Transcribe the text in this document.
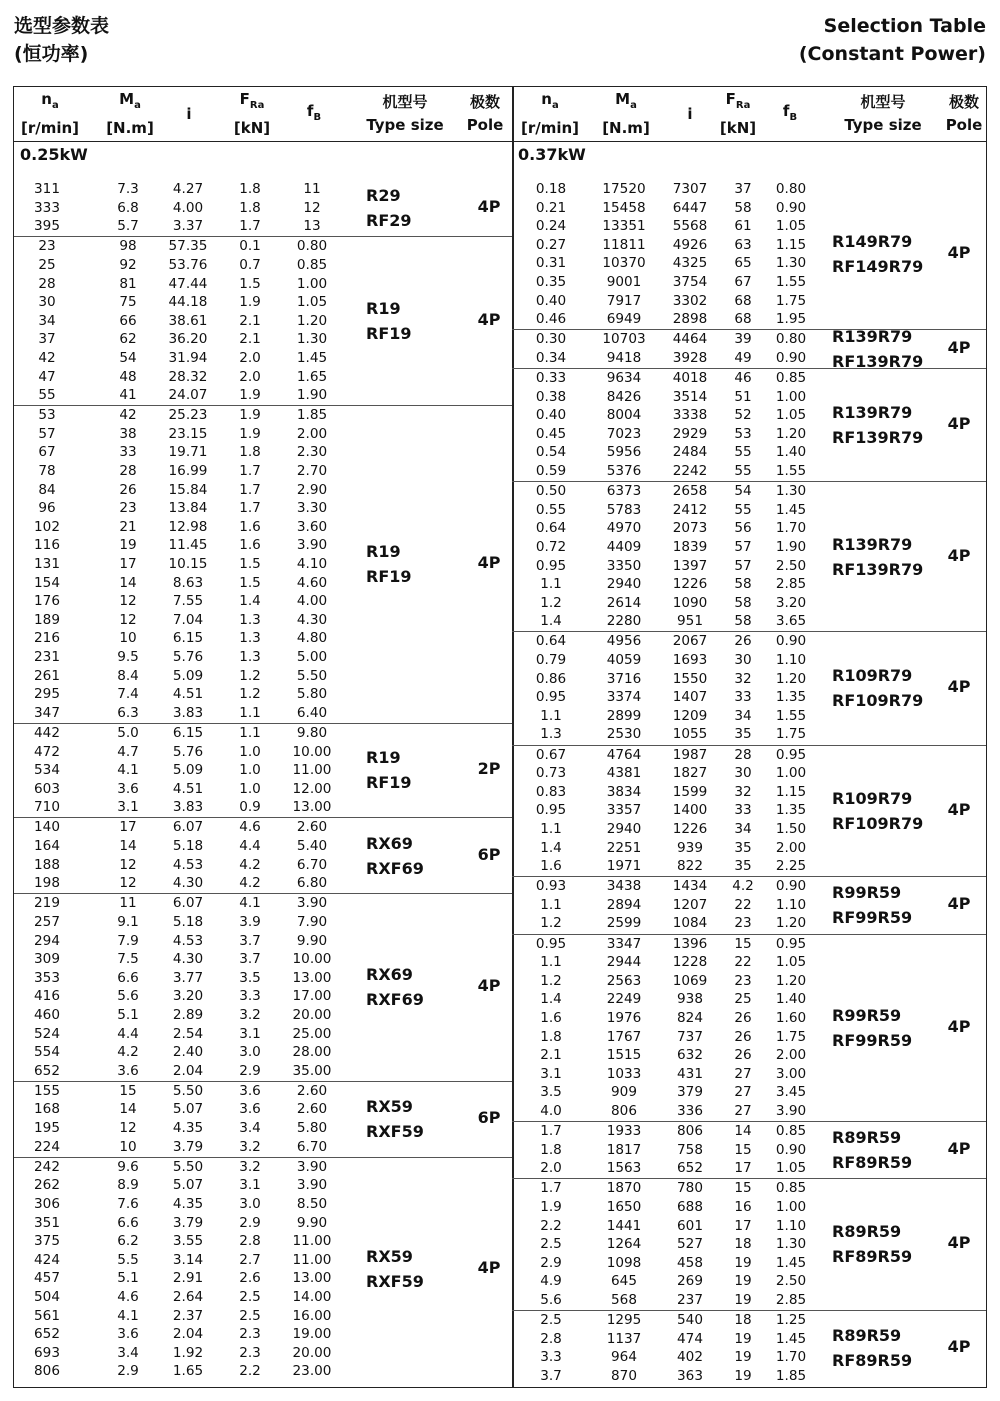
选型参数表
(恒功率)
Selection Table
(Constant Power)
$n_a$
[r/min]
$M_a$
[N.m]
i
$F_{Ra}$
[kN]
$f_B$
机型号
Type size
极数
Pole
0.25kW
311	7.3	4.27	1.8	11
333	6.8	4.00	1.8	12
395	5.7	3.37	1.7	13
R29
RF29
4P
23	98	57.35	0.1	0.80
25	92	53.76	0.7	0.85
28	81	47.44	1.5	1.00
30	75	44.18	1.9	1.05
34	66	38.61	2.1	1.20
37	62	36.20	2.1	1.30
42	54	31.94	2.0	1.45
47	48	28.32	2.0	1.65
55	41	24.07	1.9	1.90
R19
RF19
4P
53	42	25.23	1.9	1.85
57	38	23.15	1.9	2.00
67	33	19.71	1.8	2.30
78	28	16.99	1.7	2.70
84	26	15.84	1.7	2.90
96	23	13.84	1.7	3.30
102	21	12.98	1.6	3.60
116	19	11.45	1.6	3.90
131	17	10.15	1.5	4.10
154	14	8.63	1.5	4.60
176	12	7.55	1.4	4.00
189	12	7.04	1.3	4.30
216	10	6.15	1.3	4.80
231	9.5	5.76	1.3	5.00
261	8.4	5.09	1.2	5.50
295	7.4	4.51	1.2	5.80
347	6.3	3.83	1.1	6.40
R19
RF19
4P
442	5.0	6.15	1.1	9.80
472	4.7	5.76	1.0	10.00
534	4.1	5.09	1.0	11.00
603	3.6	4.51	1.0	12.00
710	3.1	3.83	0.9	13.00
R19
RF19
2P
140	17	6.07	4.6	2.60
164	14	5.18	4.4	5.40
188	12	4.53	4.2	6.70
198	12	4.30	4.2	6.80
RX69
RXF69
6P
219	11	6.07	4.1	3.90
257	9.1	5.18	3.9	7.90
294	7.9	4.53	3.7	9.90
309	7.5	4.30	3.7	10.00
353	6.6	3.77	3.5	13.00
416	5.6	3.20	3.3	17.00
460	5.1	2.89	3.2	20.00
524	4.4	2.54	3.1	25.00
554	4.2	2.40	3.0	28.00
652	3.6	2.04	2.9	35.00
RX69
RXF69
4P
155	15	5.50	3.6	2.60
168	14	5.07	3.6	2.60
195	12	4.35	3.4	5.80
224	10	3.79	3.2	6.70
RX59
RXF59
6P
242	9.6	5.50	3.2	3.90
262	8.9	5.07	3.1	3.90
306	7.6	4.35	3.0	8.50
351	6.6	3.79	2.9	9.90
375	6.2	3.55	2.8	11.00
424	5.5	3.14	2.7	11.00
457	5.1	2.91	2.6	13.00
504	4.6	2.64	2.5	14.00
561	4.1	2.37	2.5	16.00
652	3.6	2.04	2.3	19.00
693	3.4	1.92	2.3	20.00
806	2.9	1.65	2.2	23.00
RX59
RXF59
4P
$n_a$
[r/min]
$M_a$
[N.m]
i
$F_{Ra}$
[kN]
$f_B$
机型号
Type size
极数
Pole
0.37kW
0.18	17520	7307	37	0.80
0.21	15458	6447	58	0.90
0.24	13351	5568	61	1.05
0.27	11811	4926	63	1.15
0.31	10370	4325	65	1.30
0.35	9001	3754	67	1.55
0.40	7917	3302	68	1.75
0.46	6949	2898	68	1.95
R149R79
RF149R79
4P
0.30	10703	4464	39	0.80
0.34	9418	3928	49	0.90
R139R79
RF139R79
4P
0.33	9634	4018	46	0.85
0.38	8426	3514	51	1.00
0.40	8004	3338	52	1.05
0.45	7023	2929	53	1.20
0.54	5956	2484	55	1.40
0.59	5376	2242	55	1.55
R139R79
RF139R79
4P
0.50	6373	2658	54	1.30
0.55	5783	2412	55	1.45
0.64	4970	2073	56	1.70
0.72	4409	1839	57	1.90
0.95	3350	1397	57	2.50
1.1	2940	1226	58	2.85
1.2	2614	1090	58	3.20
1.4	2280	951	58	3.65
R139R79
RF139R79
4P
0.64	4956	2067	26	0.90
0.79	4059	1693	30	1.10
0.86	3716	1550	32	1.20
0.95	3374	1407	33	1.35
1.1	2899	1209	34	1.55
1.3	2530	1055	35	1.75
R109R79
RF109R79
4P
0.67	4764	1987	28	0.95
0.73	4381	1827	30	1.00
0.83	3834	1599	32	1.15
0.95	3357	1400	33	1.35
1.1	2940	1226	34	1.50
1.4	2251	939	35	2.00
1.6	1971	822	35	2.25
R109R79
RF109R79
4P
0.93	3438	1434	4.2	0.90
1.1	2894	1207	22	1.10
1.2	2599	1084	23	1.20
R99R59
RF99R59
4P
0.95	3347	1396	15	0.95
1.1	2944	1228	22	1.05
1.2	2563	1069	23	1.20
1.4	2249	938	25	1.40
1.6	1976	824	26	1.60
1.8	1767	737	26	1.75
2.1	1515	632	26	2.00
3.1	1033	431	27	3.00
3.5	909	379	27	3.45
4.0	806	336	27	3.90
R99R59
RF99R59
4P
1.7	1933	806	14	0.85
1.8	1817	758	15	0.90
2.0	1563	652	17	1.05
R89R59
RF89R59
4P
1.7	1870	780	15	0.85
1.9	1650	688	16	1.00
2.2	1441	601	17	1.10
2.5	1264	527	18	1.30
2.9	1098	458	19	1.45
4.9	645	269	19	2.50
5.6	568	237	19	2.85
R89R59
RF89R59
4P
2.5	1295	540	18	1.25
2.8	1137	474	19	1.45
3.3	964	402	19	1.70
3.7	870	363	19	1.85
R89R59
RF89R59
4P
